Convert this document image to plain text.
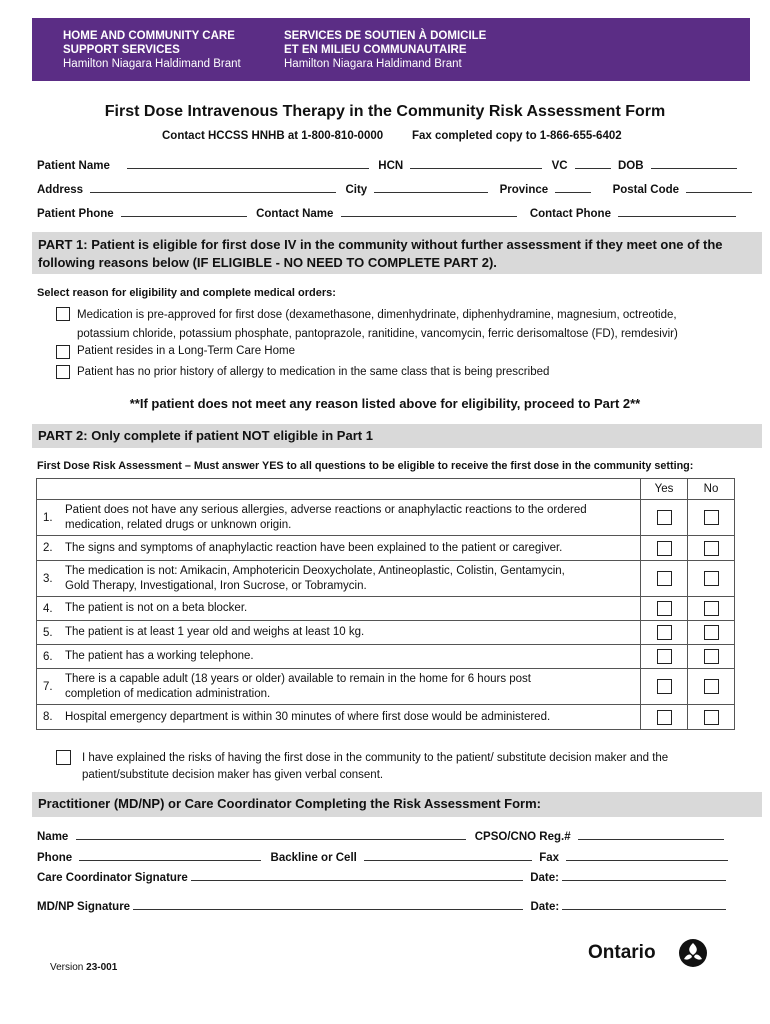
HOME AND COMMUNITY CARE
SUPPORT SERVICES
Hamilton Niagara Haldimand Brant
SERVICES DE SOUTIEN À DOMICILE
ET EN MILIEU COMMUNAUTAIRE
Hamilton Niagara Haldimand Brant
First Dose Intravenous Therapy in the Community Risk Assessment Form
Contact HCCSS HNHB at 1-800-810-0000	Fax completed copy to 1-866-655-6402
Patient Name	HCN	VC	DOB
Address	City	Province	Postal Code
Patient Phone	Contact Name	Contact Phone
PART 1: Patient is eligible for first dose IV in the community without further assessment if they meet one of the following reasons below (IF ELIGIBLE - NO NEED TO COMPLETE PART 2).
Select reason for eligibility and complete medical orders:
Medication is pre-approved for first dose (dexamethasone, dimenhydrinate, diphenhydramine, magnesium, octreotide,
potassium chloride, potassium phosphate, pantoprazole, ranitidine, vancomycin, ferric derisomaltose (FD), remdesivir)
Patient resides in a Long-Term Care Home
Patient has no prior history of allergy to medication in the same class that is being prescribed
**If patient does not meet any reason listed above for eligibility, proceed to Part 2**
PART 2: Only complete if patient NOT eligible in Part 1
First Dose Risk Assessment – Must answer YES to all questions to be eligible to receive the first dose in the community setting:
		Yes	No
1.	Patient does not have any serious allergies, adverse reactions or anaphylactic reactions to the ordered
medication, related drugs or unknown origin.		

2.	The signs and symptoms of anaphylactic reaction have been explained to the patient or caregiver.		

3.	The medication is not: Amikacin, Amphotericin Deoxycholate, Antineoplastic, Colistin, Gentamycin,
Gold Therapy, Investigational, Iron Sucrose, or Tobramycin.		

4.	The patient is not on a beta blocker.		

5.	The patient is at least 1 year old and weighs at least 10 kg.		

6.	The patient has a working telephone.		

7.	There is a capable adult (18 years or older) available to remain in the home for 6 hours post
completion of medication administration.		

8.	Hospital emergency department is within 30 minutes of where first dose would be administered.		

I have explained the risks of having the first dose in the community to the patient/ substitute decision maker and the
patient/substitute decision maker has given verbal consent.
Practitioner (MD/NP) or Care Coordinator Completing the Risk Assessment Form:
Name	CPSO/CNO Reg.#
Phone	Backline or Cell	Fax
Care Coordinator Signature	Date:
MD/NP Signature	Date:
Version 23-001
Ontario
